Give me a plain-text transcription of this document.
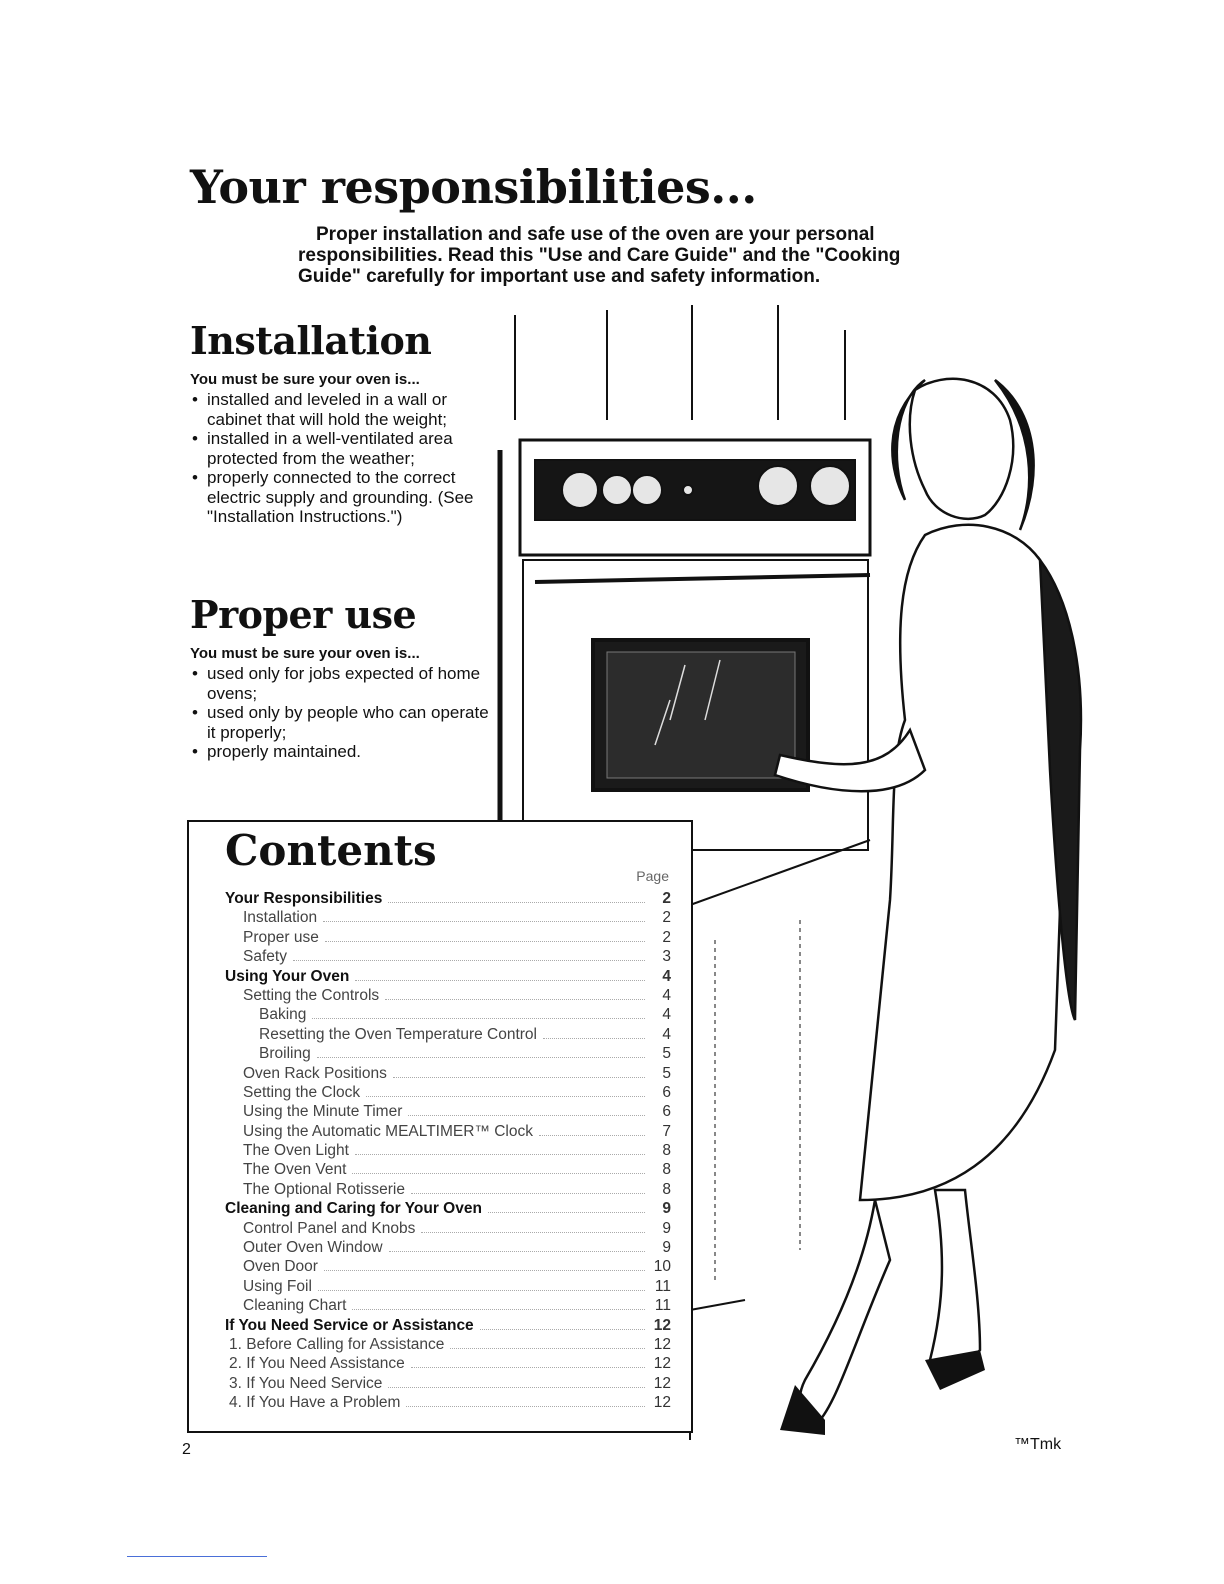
Your responsibilities...
Proper installation and safe use of the oven are your personal
responsibilities. Read this "Use and Care Guide" and the "Cooking
Guide" carefully for important use and safety information.
Installation
You must be sure your oven is...
• installed and leveled in a wall or cabinet that will hold the weight;
• installed in a well-ventilated area protected from the weather;
• properly connected to the correct electric supply and grounding. (See "Installation Instructions.")
Proper use
You must be sure your oven is...
• used only for jobs expected of home ovens;
• used only by people who can operate it properly;
• properly maintained.
Contents
Page
Your Responsibilities	2
Installation	2
Proper use	2
Safety	3
Using Your Oven	4
Setting the Controls	4
Baking	4
Resetting the Oven Temperature Control	4
Broiling	5
Oven Rack Positions	5
Setting the Clock	6
Using the Minute Timer	6
Using the Automatic MEALTIMER™ Clock	7
The Oven Light	8
The Oven Vent	8
The Optional Rotisserie	8
Cleaning and Caring for Your Oven	9
Control Panel and Knobs	9
Outer Oven Window	9
Oven Door	10
Using Foil	11
Cleaning Chart	11
If You Need Service or Assistance	12
1. Before Calling for Assistance	12
2. If You Need Assistance	12
3. If You Need Service	12
4. If You Have a Problem	12
2	™Tmk
